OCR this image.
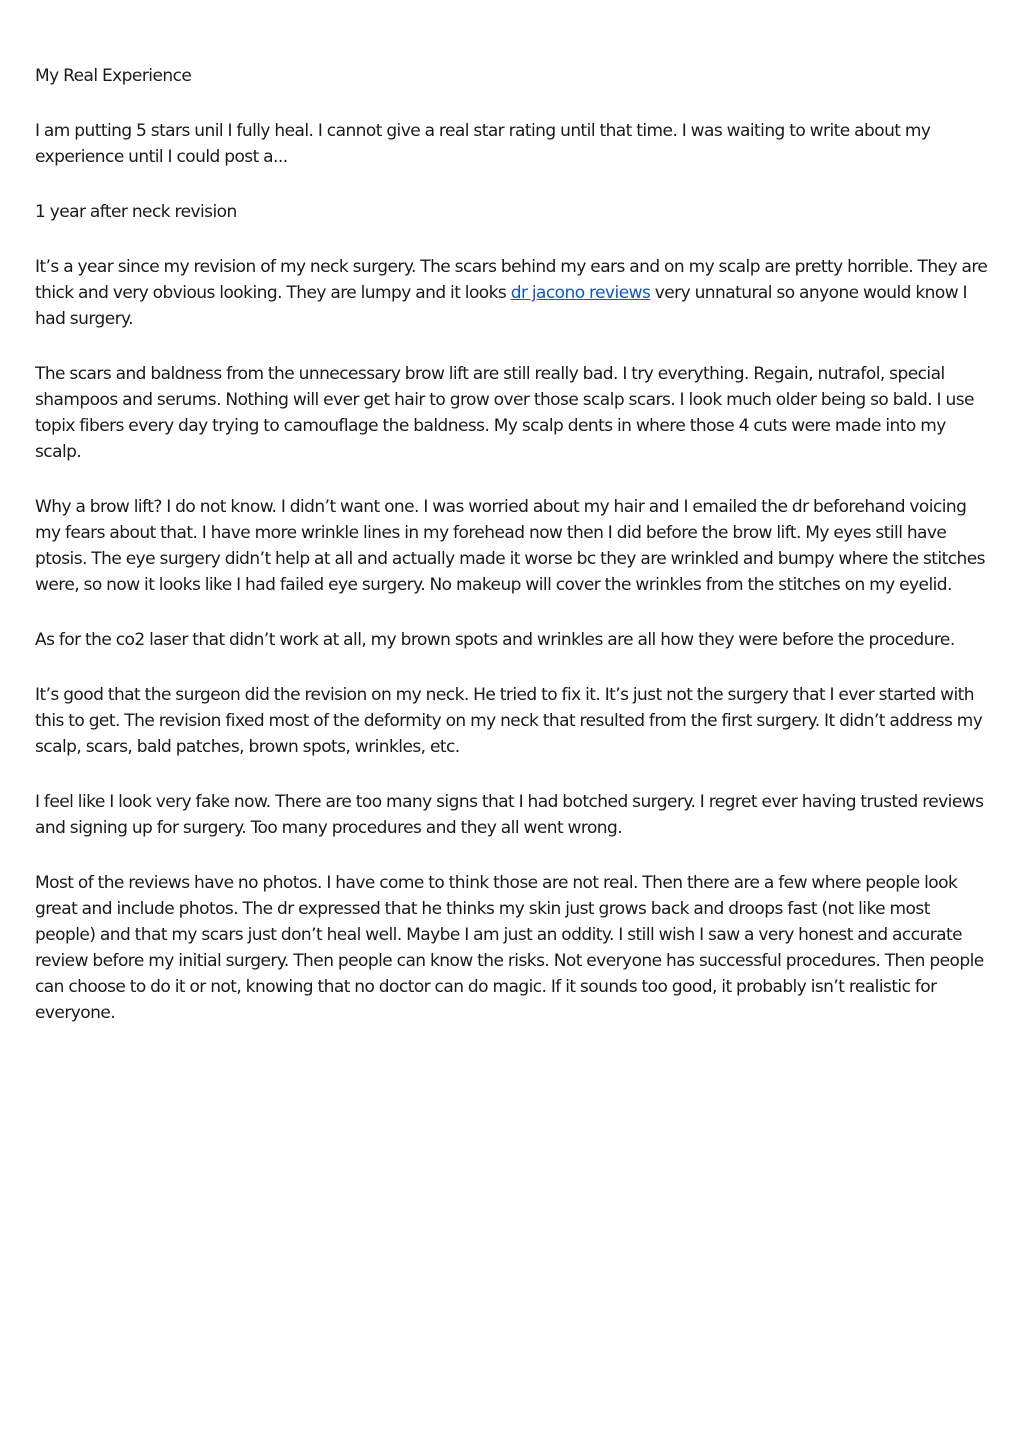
My Real Experience

I am putting 5 stars unil I fully heal. I cannot give a real star rating until that time. I was waiting to write about my experience until I could post a...

1 year after neck revision

It’s a year since my revision of my neck surgery. The scars behind my ears and on my scalp are pretty horrible. They are thick and very obvious looking. They are lumpy and it looks dr jacono reviews very unnatural so anyone would know I had surgery.

The scars and baldness from the unnecessary brow lift are still really bad. I try everything. Regain, nutrafol, special shampoos and serums. Nothing will ever get hair to grow over those scalp scars. I look much older being so bald. I use topix fibers every day trying to camouflage the baldness. My scalp dents in where those 4 cuts were made into my scalp.

Why a brow lift? I do not know. I didn’t want one. I was worried about my hair and I emailed the dr beforehand voicing my fears about that. I have more wrinkle lines in my forehead now then I did before the brow lift. My eyes still have ptosis. The eye surgery didn’t help at all and actually made it worse bc they are wrinkled and bumpy where the stitches were, so now it looks like I had failed eye surgery. No makeup will cover the wrinkles from the stitches on my eyelid.

As for the co2 laser that didn’t work at all, my brown spots and wrinkles are all how they were before the procedure.

It’s good that the surgeon did the revision on my neck. He tried to fix it. It’s just not the surgery that I ever started with this to get. The revision fixed most of the deformity on my neck that resulted from the first surgery. It didn’t address my scalp, scars, bald patches, brown spots, wrinkles, etc.

I feel like I look very fake now. There are too many signs that I had botched surgery. I regret ever having trusted reviews and signing up for surgery. Too many procedures and they all went wrong.

Most of the reviews have no photos. I have come to think those are not real. Then there are a few where people look great and include photos. The dr expressed that he thinks my skin just grows back and droops fast (not like most people) and that my scars just don’t heal well. Maybe I am just an oddity. I still wish I saw a very honest and accurate review before my initial surgery. Then people can know the risks. Not everyone has successful procedures. Then people can choose to do it or not, knowing that no doctor can do magic. If it sounds too good, it probably isn’t realistic for everyone.
